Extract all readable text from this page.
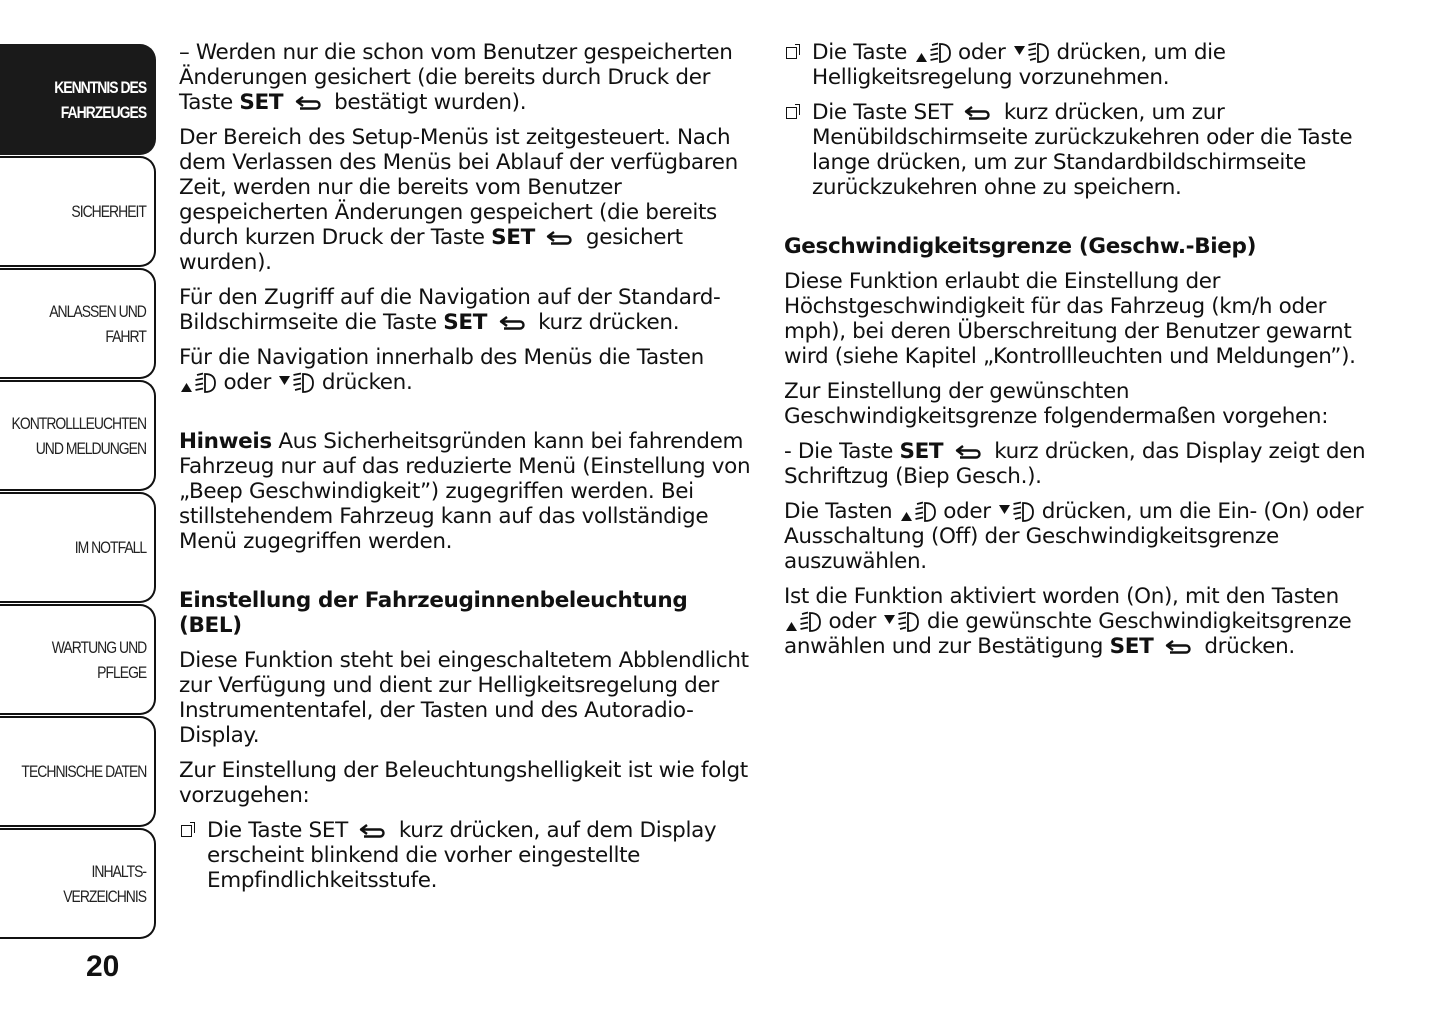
KENNTNIS DES
FAHRZEUGES
SICHERHEIT
ANLASSEN UND
FAHRT
KONTROLLLEUCHTEN
UND MELDUNGEN
IM NOTFALL
WARTUNG UND
PFLEGE
TECHNISCHE DATEN
INHALTS-
VERZEICHNIS
20

– Werden nur die schon vom Benutzer gespeicherten Änderungen gesichert (die bereits durch Druck der Taste SET bestätigt wurden).

Der Bereich des Setup-Menüs ist zeitgesteuert. Nach dem Verlassen des Menüs bei Ablauf der verfügbaren Zeit, werden nur die bereits vom Benutzer gespeicherten Änderungen gespeichert (die bereits durch kurzen Druck der Taste SET gesichert wurden).

Für den Zugriff auf die Navigation auf der Standard-Bildschirmseite die Taste SET kurz drücken.

Für die Navigation innerhalb des Menüs die Tasten
oder drücken.

Hinweis Aus Sicherheitsgründen kann bei fahrendem Fahrzeug nur auf das reduzierte Menü (Einstellung von „Beep Geschwindigkeit”) zugegriffen werden. Bei stillstehendem Fahrzeug kann auf das vollständige Menü zugegriffen werden.

Einstellung der Fahrzeuginnenbeleuchtung (BEL)

Diese Funktion steht bei eingeschaltetem Abblendlicht zur Verfügung und dient zur Helligkeitsregelung der Instrumententafel, der Tasten und des Autoradio-Display.

Zur Einstellung der Beleuchtungshelligkeit ist wie folgt vorzugehen:

Die Taste SET kurz drücken, auf dem Display erscheint blinkend die vorher eingestellte Empfindlichkeitsstufe.
Die Taste oder drücken, um die Helligkeitsregelung vorzunehmen.
Die Taste SET kurz drücken, um zur Menübildschirmseite zurückzukehren oder die Taste lange drücken, um zur Standardbildschirmseite zurückzukehren ohne zu speichern.
Geschwindigkeitsgrenze (Geschw.-Biep)

Diese Funktion erlaubt die Einstellung der Höchstgeschwindigkeit für das Fahrzeug (km/h oder mph), bei deren Überschreitung der Benutzer gewarnt wird (siehe Kapitel „Kontrollleuchten und Meldungen”).

Zur Einstellung der gewünschten Geschwindigkeitsgrenze folgendermaßen vorgehen:

- Die Taste SET kurz drücken, das Display zeigt den Schriftzug (Biep Gesch.).

Die Tasten oder drücken, um die Ein- (On) oder Ausschaltung (Off) der Geschwindigkeitsgrenze auszuwählen.

Ist die Funktion aktiviert worden (On), mit den Tasten
oder die gewünschte Geschwindigkeitsgrenze anwählen und zur Bestätigung SET drücken.
